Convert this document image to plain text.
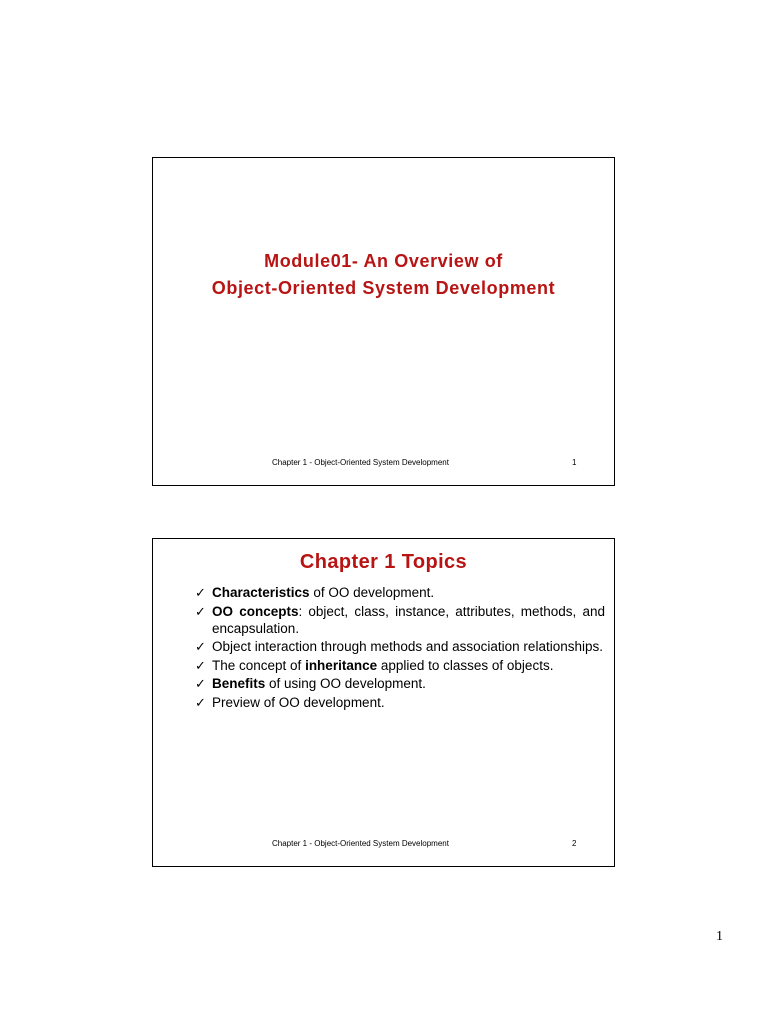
Module01- An Overview of
Object-Oriented System Development
Chapter 1 - Object-Oriented System Development	1
Chapter 1 Topics
✓ Characteristics of OO development.
✓ OO concepts: object, class, instance, attributes, methods, and encapsulation.
✓ Object interaction through methods and association relationships.
✓ The concept of inheritance applied to classes of objects.
✓ Benefits of using OO development.
✓ Preview of OO development.
Chapter 1 - Object-Oriented System Development	2
1
